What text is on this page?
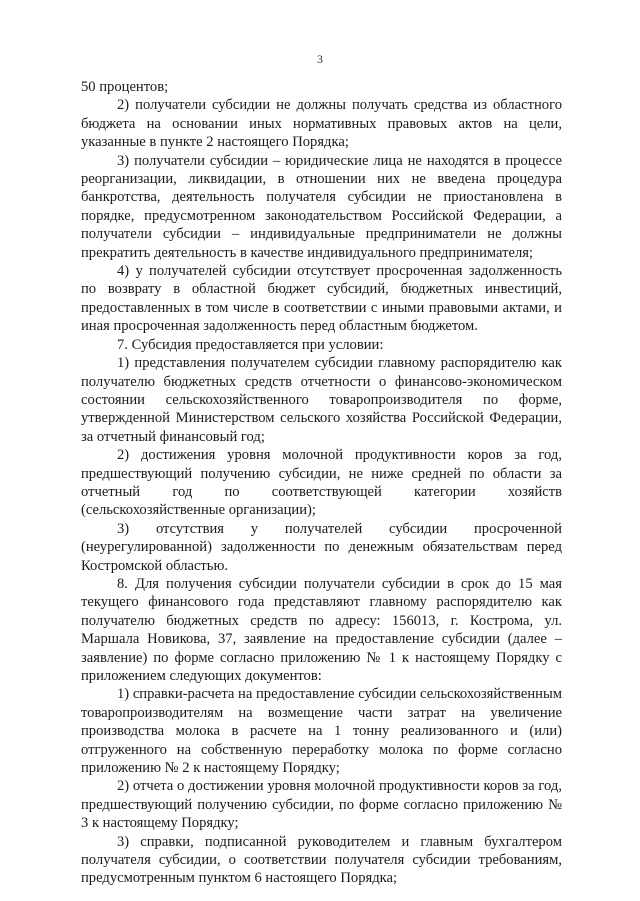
3

50 процентов;

2) получатели субсидии не должны получать средства из областного бюджета на основании иных нормативных правовых актов на цели, указанные в пункте 2 настоящего Порядка;

3) получатели субсидии – юридические лица не находятся в процессе реорганизации, ликвидации, в отношении них не введена процедура банкротства, деятельность получателя субсидии не приостановлена в порядке, предусмотренном законодательством Российской Федерации, а получатели субсидии – индивидуальные предприниматели не должны прекратить деятельность в качестве индивидуального предпринимателя;

4) у получателей субсидии отсутствует просроченная задолженность по возврату в областной бюджет субсидий, бюджетных инвестиций, предоставленных в том числе в соответствии с иными правовыми актами, и иная просроченная задолженность перед областным бюджетом.

7. Субсидия предоставляется при условии:

1) представления получателем субсидии главному распорядителю как получателю бюджетных средств отчетности о финансово-экономическом состоянии сельскохозяйственного товаропроизводителя по форме, утвержденной Министерством сельского хозяйства Российской Федерации, за отчетный финансовый год;

2) достижения уровня молочной продуктивности коров за год, предшествующий получению субсидии, не ниже средней по области за отчетный год по соответствующей категории хозяйств (сельскохозяйственные организации);

3) отсутствия у получателей субсидии просроченной (неурегулированной) задолженности по денежным обязательствам перед Костромской областью.

8. Для получения субсидии получатели субсидии в срок до 15 мая текущего финансового года представляют главному распорядителю как получателю бюджетных средств по адресу: 156013, г. Кострома, ул. Маршала Новикова, 37, заявление на предоставление субсидии (далее – заявление) по форме согласно приложению № 1 к настоящему Порядку с приложением следующих документов:

1) справки-расчета на предоставление субсидии сельскохозяйственным товаропроизводителям на возмещение части затрат на увеличение производства молока в расчете на 1 тонну реализованного и (или) отгруженного на собственную переработку молока по форме согласно приложению № 2 к настоящему Порядку;

2) отчета о достижении уровня молочной продуктивности коров за год, предшествующий получению субсидии, по форме согласно приложению № 3 к настоящему Порядку;

3) справки, подписанной руководителем и главным бухгалтером получателя субсидии, о соответствии получателя субсидии требованиям, предусмотренным пунктом 6 настоящего Порядка;
